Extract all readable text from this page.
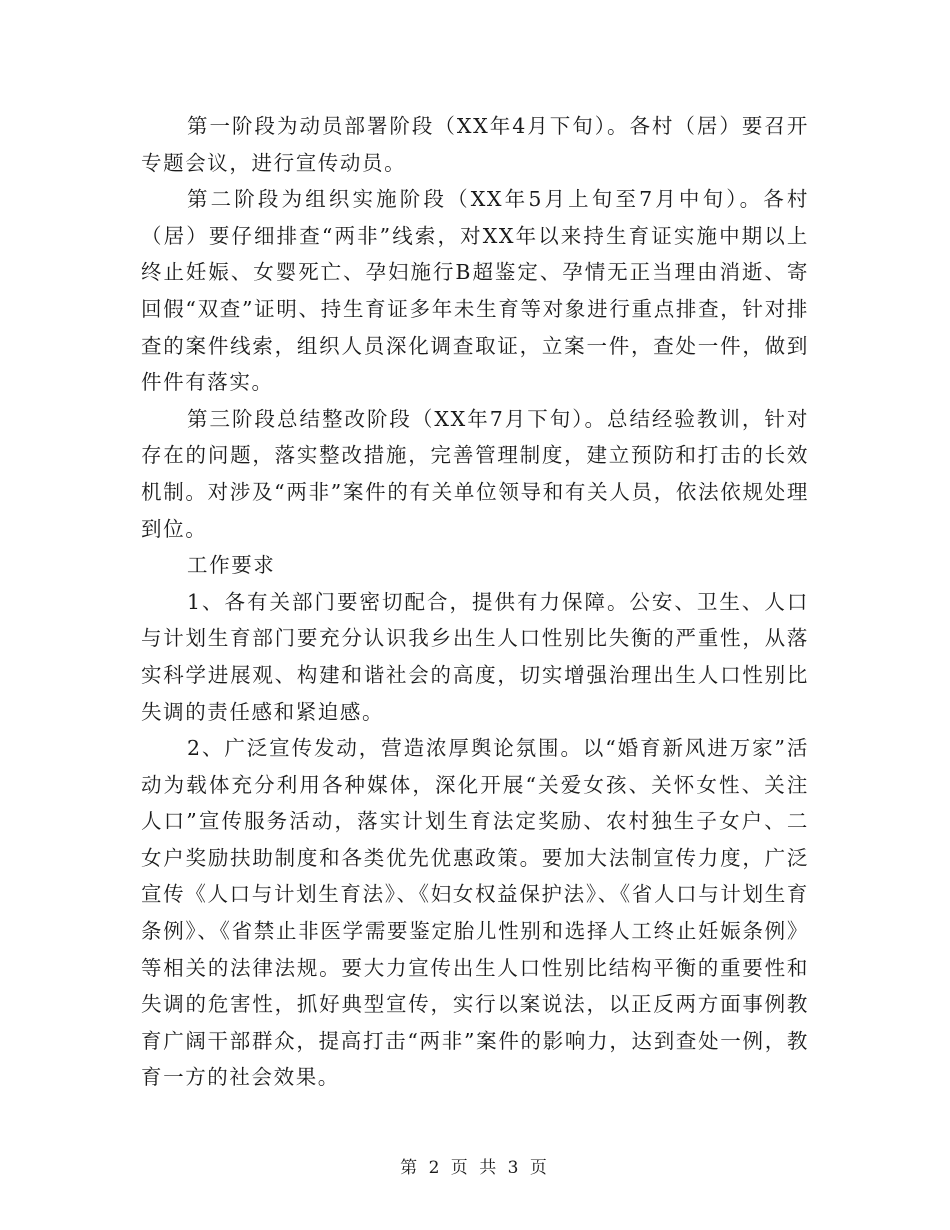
第一阶段为动员部署阶段（XX年4月下旬）。各村（居）要召开专题会议，进行宣传动员。

第二阶段为组织实施阶段（XX年5月上旬至7月中旬）。各村（居）要仔细排查“两非”线索，对XX年以来持生育证实施中期以上终止妊娠、女婴死亡、孕妇施行B超鉴定、孕情无正当理由消逝、寄回假“双查”证明、持生育证多年未生育等对象进行重点排查，针对排查的案件线索，组织人员深化调查取证，立案一件，查处一件，做到件件有落实。

第三阶段总结整改阶段（XX年7月下旬）。总结经验教训，针对存在的问题，落实整改措施，完善管理制度，建立预防和打击的长效机制。对涉及“两非”案件的有关单位领导和有关人员，依法依规处理到位。

工作要求

1、各有关部门要密切配合，提供有力保障。公安、卫生、人口与计划生育部门要充分认识我乡出生人口性别比失衡的严重性，从落实科学进展观、构建和谐社会的高度，切实增强治理出生人口性别比失调的责任感和紧迫感。

2、广泛宣传发动，营造浓厚舆论氛围。以“婚育新风进万家”活动为载体充分利用各种媒体，深化开展“关爱女孩、关怀女性、关注人口”宣传服务活动，落实计划生育法定奖励、农村独生子女户、二女户奖励扶助制度和各类优先优惠政策。要加大法制宣传力度，广泛宣传《人口与计划生育法》、《妇女权益保护法》、《省人口与计划生育条例》、《省禁止非医学需要鉴定胎儿性别和选择人工终止妊娠条例》等相关的法律法规。要大力宣传出生人口性别比结构平衡的重要性和失调的危害性，抓好典型宣传，实行以案说法，以正反两方面事例教育广阔干部群众，提高打击“两非”案件的影响力，达到查处一例，教育一方的社会效果。

第 2 页 共 3 页
